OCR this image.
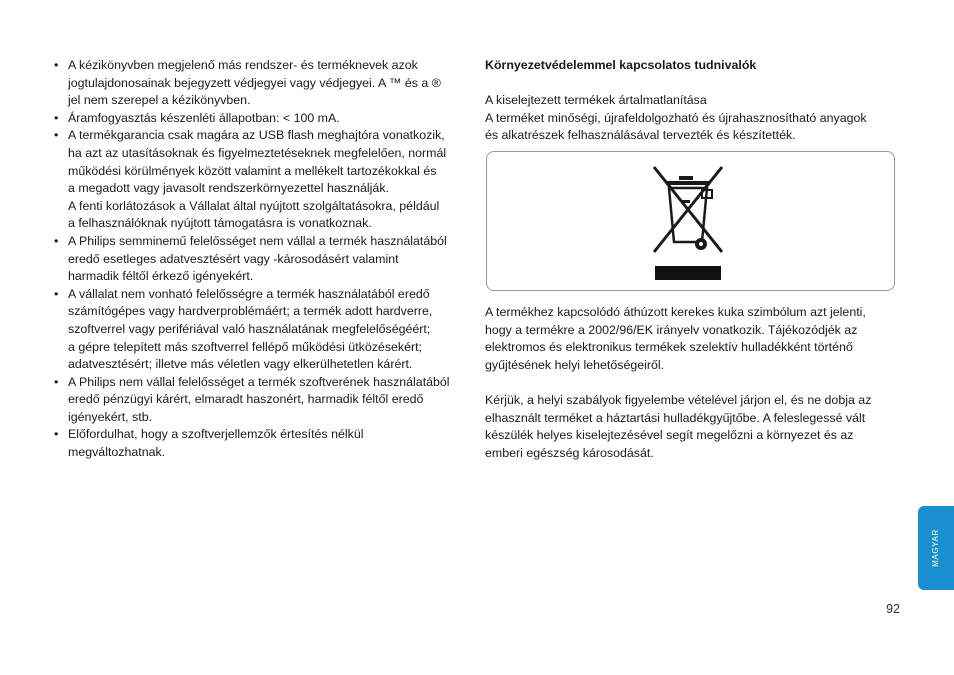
• A kézikönyvben megjelenő más rendszer- és terméknevek azok

jogtulajdonosainak bejegyzett védjegyei vagy védjegyei. A ™ és a ®

jel nem szerepel a kézikönyvben.

• Áramfogyasztás készenléti állapotban: < 100 mA.

• A termékgarancia csak magára az USB flash meghajtóra vonatkozik,

ha azt az utasításoknak és figyelmeztetéseknek megfelelően, normál

működési körülmények között valamint a mellékelt tartozékokkal és

a megadott vagy javasolt rendszerkörnyezettel használják.

A fenti korlátozások a Vállalat által nyújtott szolgáltatásokra, például

a felhasználóknak nyújtott támogatásra is vonatkoznak.

• A Philips semminemű felelősséget nem vállal a termék használatából

eredő esetleges adatvesztésért vagy -károsodásért valamint

harmadik féltől érkező igényekért.

• A vállalat nem vonható felelősségre a termék használatából eredő

számítógépes vagy hardverproblémáért; a termék adott hardverre,

szoftverrel vagy perifériával való használatának megfelelőségéért;

a gépre telepített más szoftverrel fellépő működési ütközésekért;

adatvesztésért; illetve más véletlen vagy elkerülhetetlen kárért.

• A Philips nem vállal felelősséget a termék szoftverének használatából

eredő pénzügyi kárért, elmaradt haszonért, harmadik féltől eredő

igényekért, stb.

• Előfordulhat, hogy a szoftverjellemzők értesítés nélkül

megváltozhatnak.

Környezetvédelemmel kapcsolatos tudnivalók

A kiselejtezett termékek ártalmatlanítása

A terméket minőségi, újrafeldolgozható és újrahasznosítható anyagok

és alkatrészek felhasználásával tervezték és készítették.

A termékhez kapcsolódó áthúzott kerekes kuka szimbólum azt jelenti,

hogy a termékre a 2002/96/EK irányelv vonatkozik. Tájékozódjék az

elektromos és elektronikus termékek szelektív hulladékként történő

gyűjtésének helyi lehetőségeiről.

Kérjük, a helyi szabályok figyelembe vételével járjon el, és ne dobja az

elhasznált terméket a háztartási hulladékgyűjtőbe. A feleslegessé vált

készülék helyes kiselejtezésével segít megelőzni a környezet és az

emberi egészség károsodását.

MAGYAR
92
